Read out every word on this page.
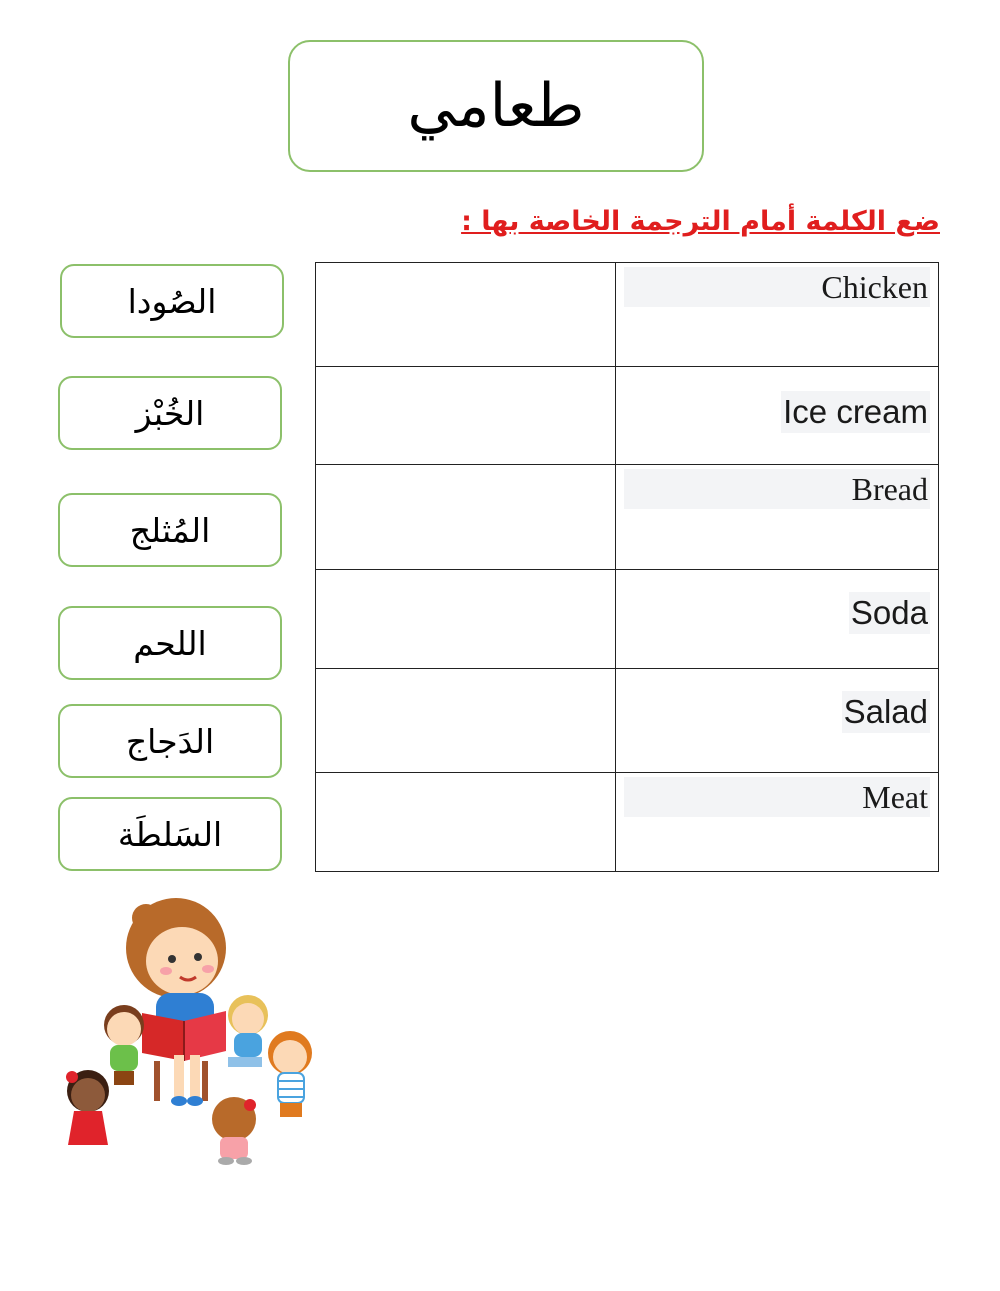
طعامي
ضع الكلمة أمام الترجمة الخاصة بها :
الصُودا
الخُبْز
المُثلج
اللحم
الدَجاج
السَلطَة
Chicken
Ice cream
Bread
Soda
Salad
Meat
